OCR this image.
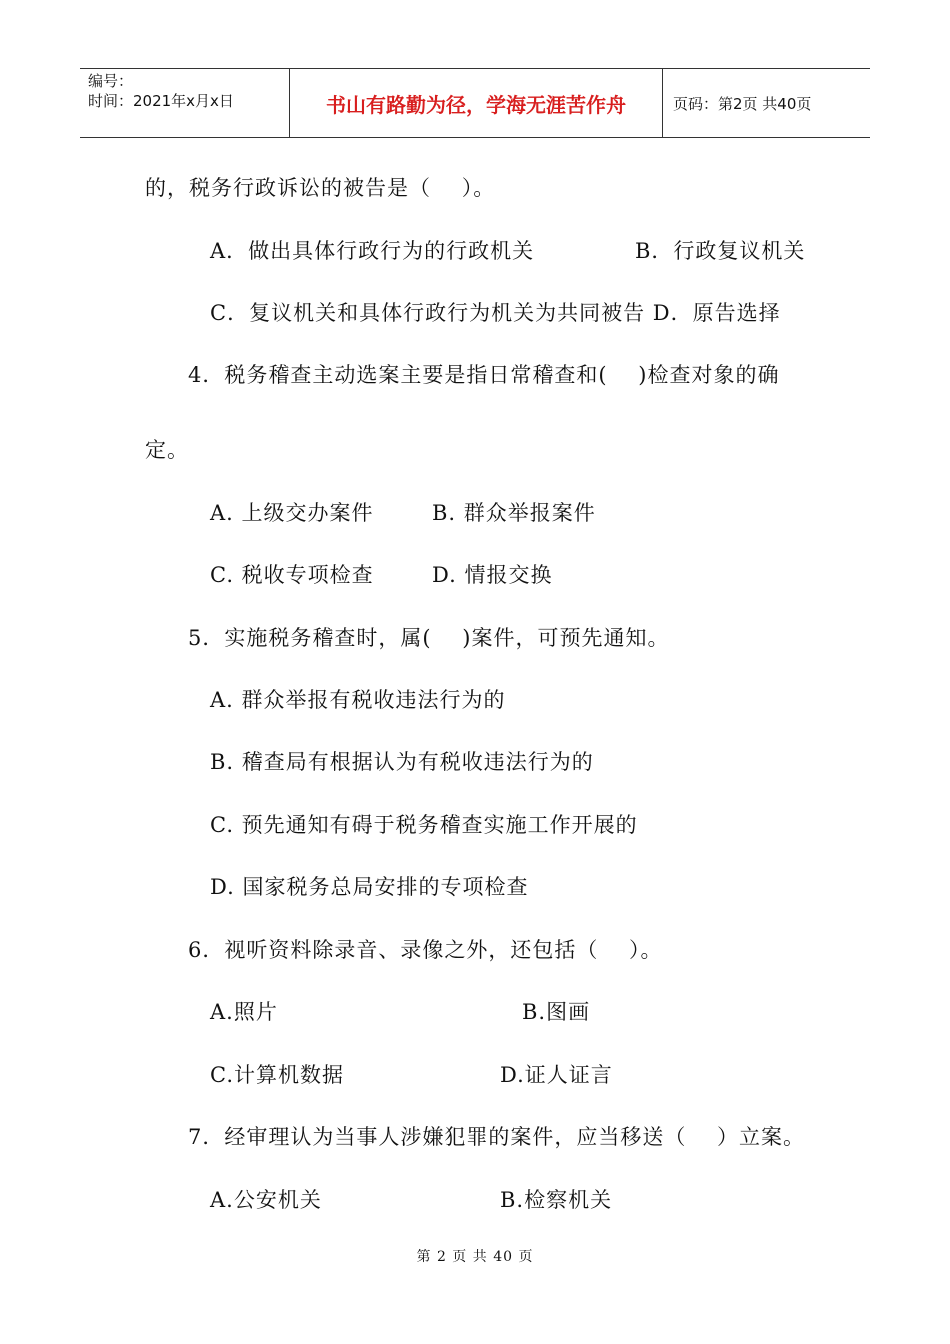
编号：
时间：2021年x月x日	书山有路勤为径，学海无涯苦作舟	页码：第2页 共40页
的，税务行政诉讼的被告是（    ）。
A．做出具体行政行为的行政机关	B．行政复议机关
C．复议机关和具体行政行为机关为共同被告 D．原告选择
4．税务稽查主动选案主要是指日常稽查和(    )检查对象的确
定。
A. 上级交办案件	B. 群众举报案件
C. 税收专项检查	D. 情报交换
5．实施税务稽查时，属(    )案件，可预先通知。
A. 群众举报有税收违法行为的
B. 稽查局有根据认为有税收违法行为的
C. 预先通知有碍于税务稽查实施工作开展的
D. 国家税务总局安排的专项检查
6．视听资料除录音、录像之外，还包括（    ）。
A.照片	B.图画
C.计算机数据	D.证人证言
7．经审理认为当事人涉嫌犯罪的案件，应当移送（    ）立案。
A.公安机关	B.检察机关
第 2 页 共 40 页
